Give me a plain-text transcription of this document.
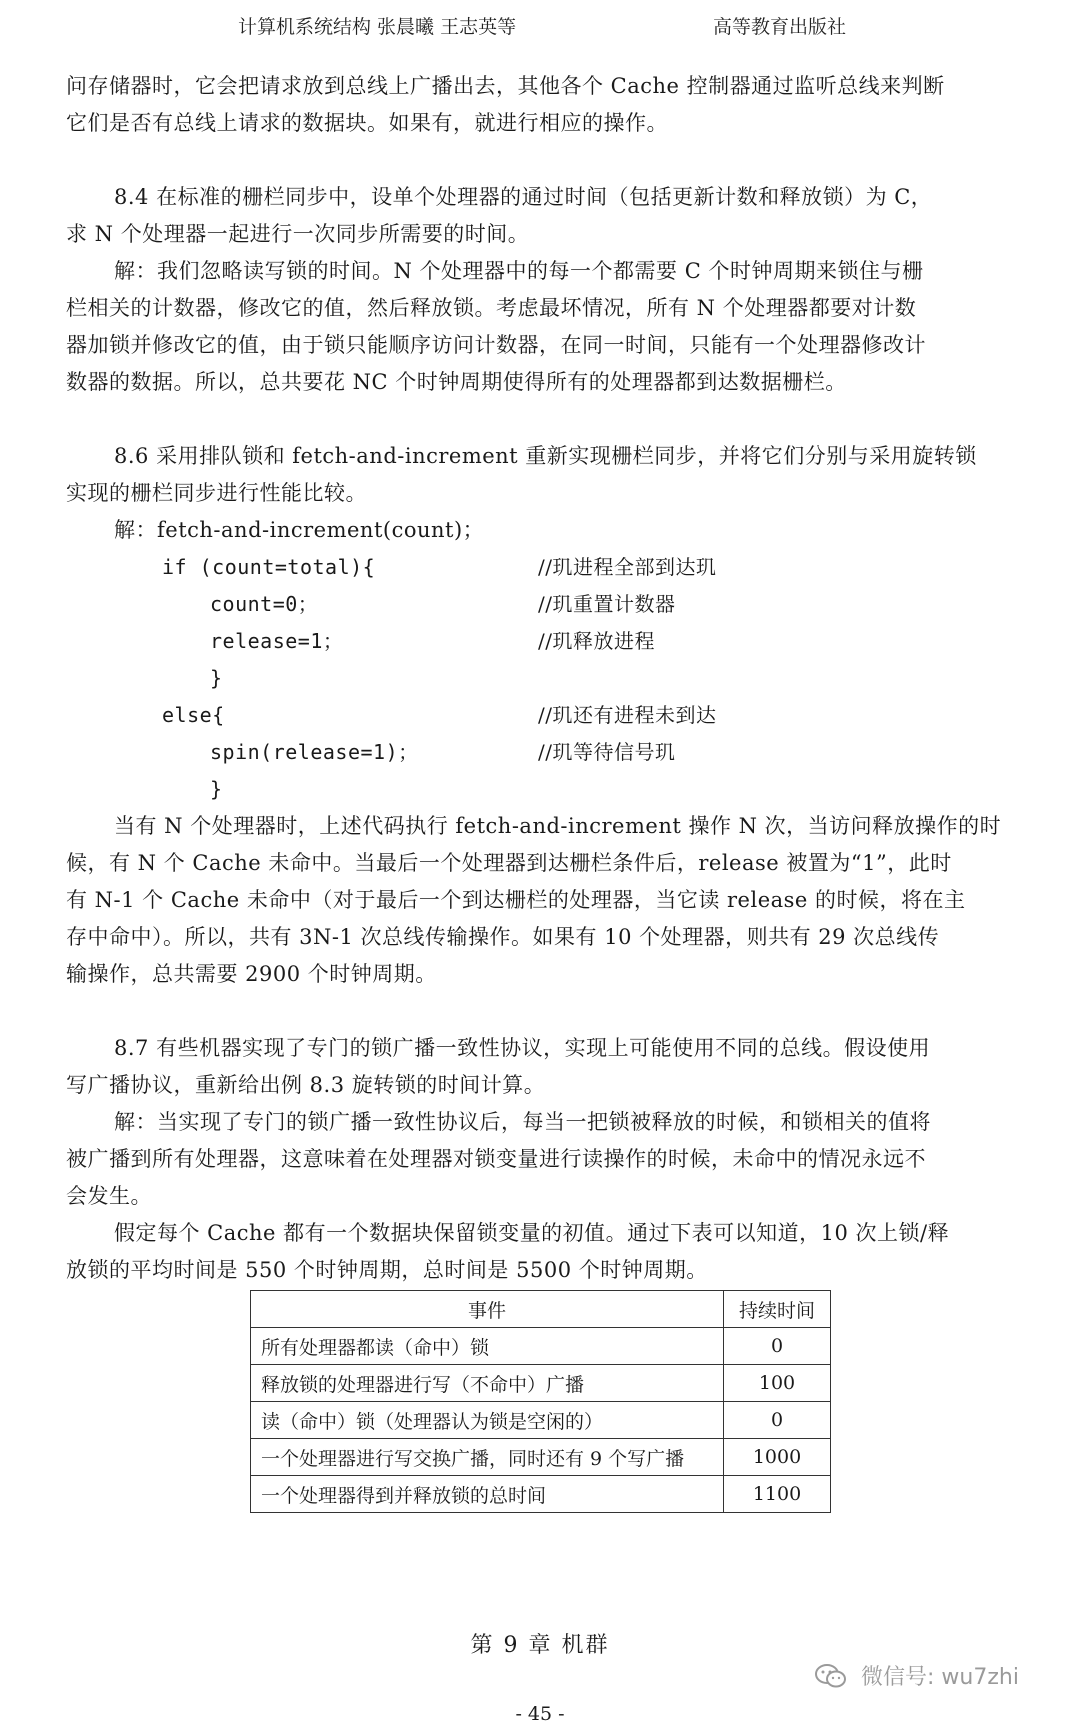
计算机系统结构 张晨曦 王志英等	高等教育出版社

问存储器时，它会把请求放到总线上广播出去，其他各个 Cache 控制器通过监听总线来判断

它们是否有总线上请求的数据块。如果有，就进行相应的操作。

8.4 在标准的栅栏同步中，设单个处理器的通过时间（包括更新计数和释放锁）为 C，

求 N 个处理器一起进行一次同步所需要的时间。

解：我们忽略读写锁的时间。N 个处理器中的每一个都需要 C 个时钟周期来锁住与栅

栏相关的计数器，修改它的值，然后释放锁。考虑最坏情况，所有 N 个处理器都要对计数

器加锁并修改它的值，由于锁只能顺序访问计数器，在同一时间，只能有一个处理器修改计

数器的数据。所以，总共要花 NC 个时钟周期使得所有的处理器都到达数据栅栏。

8.6 采用排队锁和 fetch-and-increment 重新实现栅栏同步，并将它们分别与采用旋转锁

实现的栅栏同步进行性能比较。

解：fetch-and-increment(count)；

if (count=total){	//玑进程全部到达玑
count=0；	//玑重置计数器
release=1；	//玑释放进程
}
else{	//玑还有进程未到达
spin(release=1)；	//玑等待信号玑
}

当有 N 个处理器时，上述代码执行 fetch-and-increment 操作 N 次，当访问释放操作的时

候，有 N 个 Cache 未命中。当最后一个处理器到达栅栏条件后，release 被置为“1”，此时

有 N-1 个 Cache 未命中（对于最后一个到达栅栏的处理器，当它读 release 的时候，将在主

存中命中）。所以，共有 3N-1 次总线传输操作。如果有 10 个处理器，则共有 29 次总线传

输操作，总共需要 2900 个时钟周期。

8.7 有些机器实现了专门的锁广播一致性协议，实现上可能使用不同的总线。假设使用

写广播协议，重新给出例 8.3 旋转锁的时间计算。

解：当实现了专门的锁广播一致性协议后，每当一把锁被释放的时候，和锁相关的值将

被广播到所有处理器，这意味着在处理器对锁变量进行读操作的时候，未命中的情况永远不

会发生。

假定每个 Cache 都有一个数据块保留锁变量的初值。通过下表可以知道，10 次上锁/释

放锁的平均时间是 550 个时钟周期，总时间是 5500 个时钟周期。

事件	持续时间
所有处理器都读（命中）锁	0
释放锁的处理器进行写（不命中）广播	100
读（命中）锁（处理器认为锁是空闲的）	0
一个处理器进行写交换广播，同时还有 9 个写广播	1000
一个处理器得到并释放锁的总时间	1100
第 9 章 机群
微信号: wu7zhi
- 45 -
